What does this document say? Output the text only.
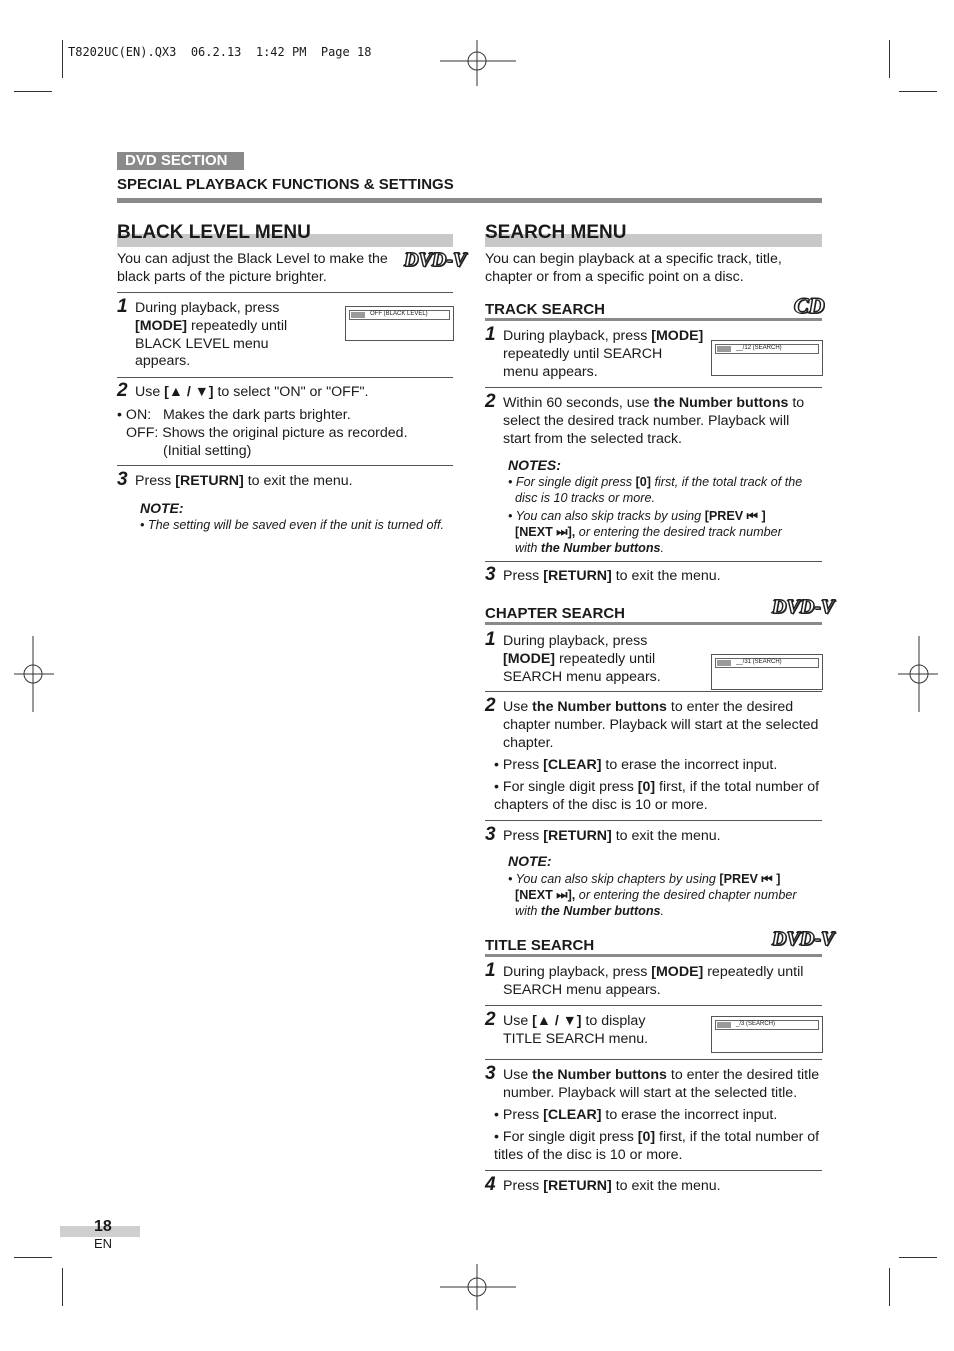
T8202UC(EN).QX3  06.2.13  1:42 PM  Page 18
DVD SECTION
SPECIAL PLAYBACK FUNCTIONS & SETTINGS
BLACK LEVEL MENU
DVD-V
You can adjust the Black Level to make the
black parts of the picture brighter.
1 During playback, press
[MODE] repeatedly until
BLACK LEVEL menu
appears.
OFF (BLACK LEVEL)
2 Use [▲ / ▼] to select "ON" or "OFF".
• ON:   Makes the dark parts brighter.
OFF: Shows the original picture as recorded.
(Initial setting)
3 Press [RETURN] to exit the menu.
NOTE:
• The setting will be saved even if the unit is turned off.
SEARCH MENU
You can begin playback at a specific track, title,
chapter or from a specific point on a disc.
TRACK SEARCH	CD
1 During playback, press [MODE]
repeatedly until SEARCH
menu appears.
__/12 (SEARCH)
2 Within 60 seconds, use the Number buttons to
select the desired track number. Playback will
start from the selected track.
NOTES:
• For single digit press [0] first, if the total track of the
disc is 10 tracks or more.
• You can also skip tracks by using [PREV ⏮ ]
[NEXT ⏭], or entering the desired track number
with the Number buttons.
3 Press [RETURN] to exit the menu.
CHAPTER SEARCH	DVD-V
1 During playback, press
[MODE] repeatedly until
SEARCH menu appears.
__/31 (SEARCH)
2 Use the Number buttons to enter the desired
chapter number. Playback will start at the selected
chapter.
• Press [CLEAR] to erase the incorrect input.
• For single digit press [0] first, if the total number of
chapters of the disc is 10 or more.
3 Press [RETURN] to exit the menu.
NOTE:
• You can also skip chapters by using [PREV ⏮ ]
[NEXT ⏭], or entering the desired chapter number
with the Number buttons.
TITLE SEARCH	DVD-V
1 During playback, press [MODE] repeatedly until
SEARCH menu appears.
2 Use [▲ / ▼] to display
TITLE SEARCH menu.
_/3 (SEARCH)
3 Use the Number buttons to enter the desired title
number. Playback will start at the selected title.
• Press [CLEAR] to erase the incorrect input.
• For single digit press [0] first, if the total number of
titles of the disc is 10 or more.
4 Press [RETURN] to exit the menu.
18
EN
